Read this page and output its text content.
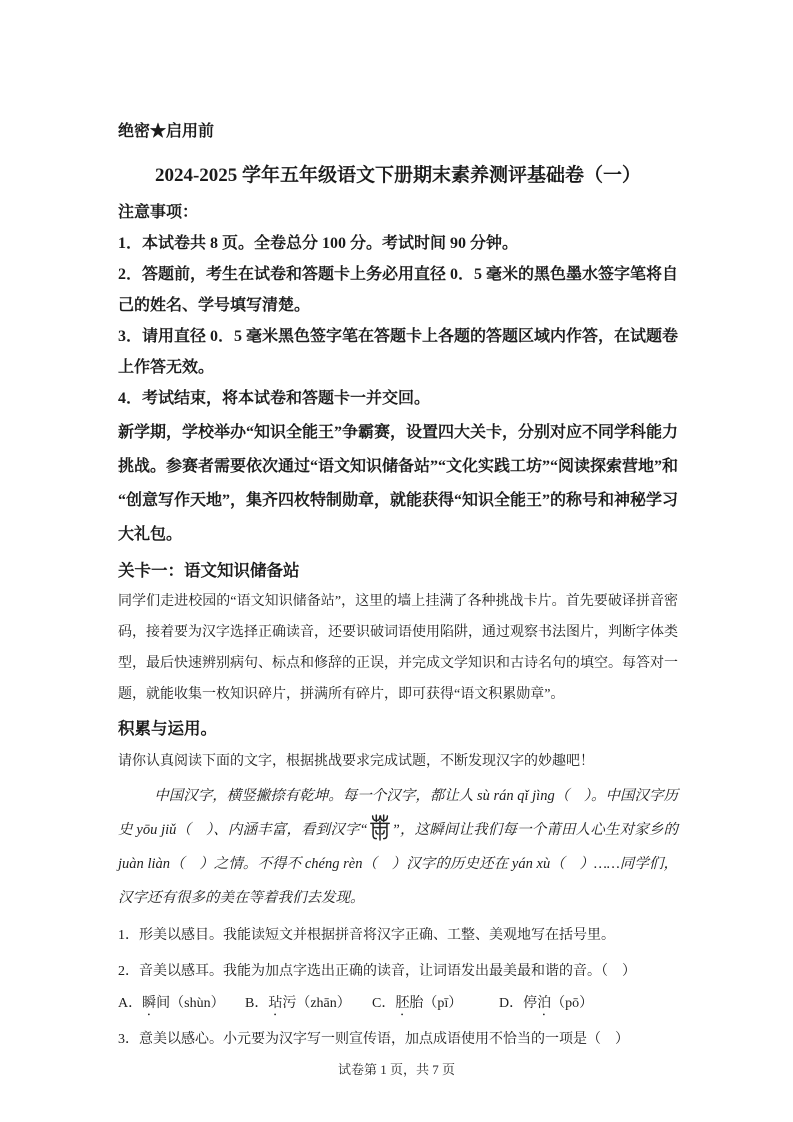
绝密★启用前
2024-2025 学年五年级语文下册期末素养测评基础卷（一）
注意事项：

1．本试卷共 8 页。全卷总分 100 分。考试时间 90 分钟。

2．答题前，考生在试卷和答题卡上务必用直径 0．5 毫米的黑色墨水签字笔将自己的姓名、学号填写清楚。

3．请用直径 0．5 毫米黑色签字笔在答题卡上各题的答题区域内作答，在试题卷上作答无效。

4．考试结束，将本试卷和答题卡一并交回。

新学期，学校举办“知识全能王”争霸赛，设置四大关卡，分别对应不同学科能力挑战。参赛者需要依次通过“语文知识储备站”“文化实践工坊”“阅读探索营地”和“创意写作天地”，集齐四枚特制勋章，就能获得“知识全能王”的称号和神秘学习大礼包。

关卡一：语文知识储备站

同学们走进校园的“语文知识储备站”，这里的墙上挂满了各种挑战卡片。首先要破译拼音密码，接着要为汉字选择正确读音，还要识破词语使用陷阱，通过观察书法图片，判断字体类型，最后快速辨别病句、标点和修辞的正误，并完成文学知识和古诗名句的填空。每答对一题，就能收集一枚知识碎片，拼满所有碎片，即可获得“语文积累勋章”。

积累与运用。

请你认真阅读下面的文字，根据挑战要求完成试题，不断发现汉字的妙趣吧！

中国汉字，横竖撇捺有乾坤。每一个汉字，都让人 sù rán qǐ jìng（　）。中国汉字历史 yōu jiǔ（　）、内涵丰富，看到汉字“ ”，这瞬间让我们每一个莆田人心生对家乡的 juàn liàn（　）之情。不得不 chéng rèn（　）汉字的历史还在 yán xù（　）……同学们，汉字还有很多的美在等着我们去发现。

1．形美以感目。我能读短文并根据拼音将汉字正确、工整、美观地写在括号里。

2．音美以感耳。我能为加点字选出正确的读音，让词语发出最美最和谐的音。（　）

A．瞬间（shùn）	B．玷污（zhān）	C．胚胎（pī）	D．停泊（pō）

3．意美以感心。小元要为汉字写一则宣传语，加点成语使用不恰当的一项是（　）

试卷第 1 页，共 7 页
